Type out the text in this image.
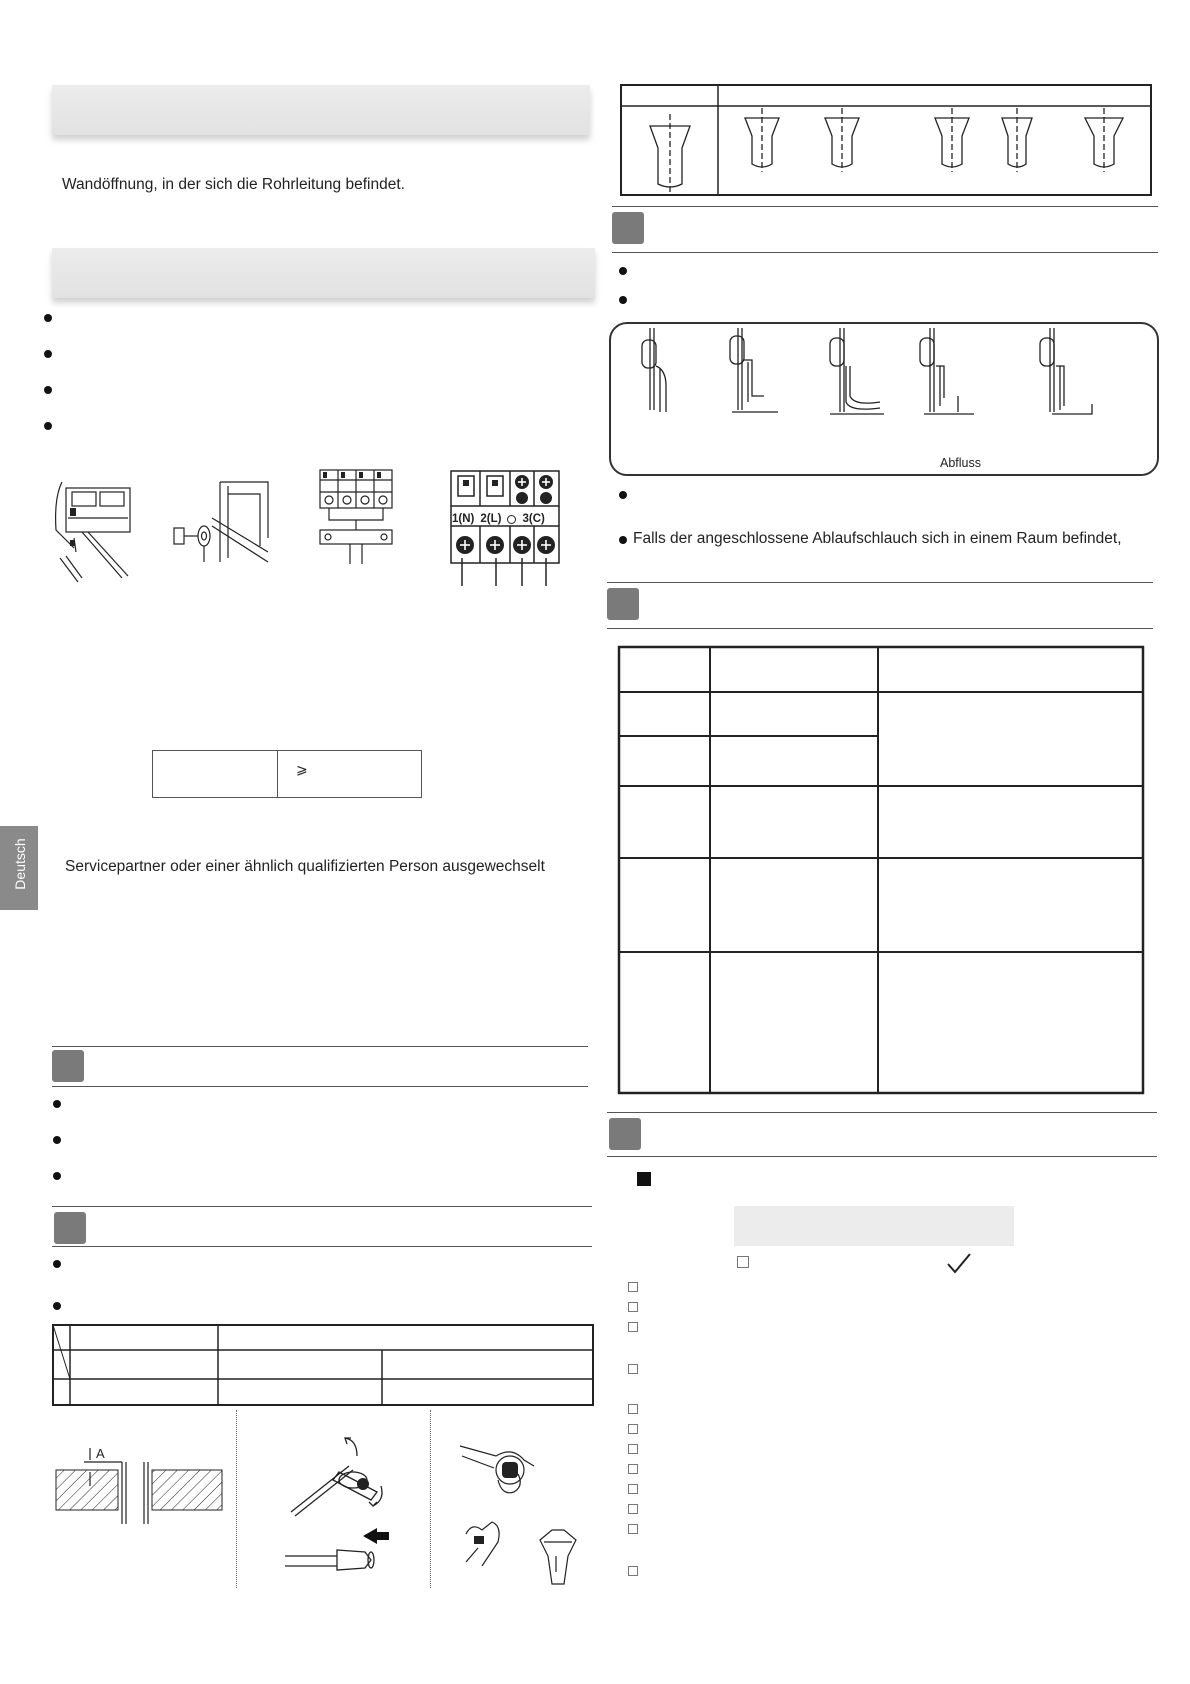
Wandöffnung, in der sich die Rohrleitung befindet.
1(N) 2(L) 3(C)
⩾
Servicepartner oder einer ähnlich qualifizierten Person ausgewechselt
Deutsch
A
Abfluss
Falls der angeschlossene Ablaufschlauch sich in einem Raum befindet,
